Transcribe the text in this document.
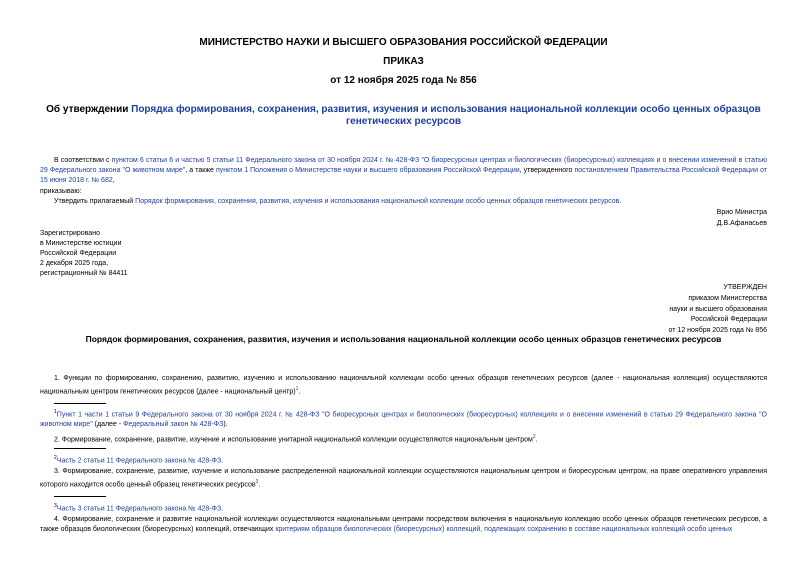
МИНИСТЕРСТВО НАУКИ И ВЫСШЕГО ОБРАЗОВАНИЯ РОССИЙСКОЙ ФЕДЕРАЦИИ
ПРИКАЗ
от 12 ноября 2025 года № 856
Об утверждении Порядка формирования, сохранения, развития, изучения и использования национальной коллекции особо ценных образцов генетических ресурсов
В соответствии с пунктом 6 статьи 6 и частью 5 статьи 11 Федерального закона от 30 ноября 2024 г. № 428-ФЗ "О биоресурсных центрах и биологических (биоресурсных) коллекциях и о внесении изменений в статью 29 Федерального закона "О животном мире", а также пунктом 1 Положения о Министерстве науки и высшего образования Российской Федерации, утвержденного постановлением Правительства Российской Федерации от 15 июня 2018 г. № 682,
приказываю:
Утвердить прилагаемый Порядок формирования, сохранения, развития, изучения и использования национальной коллекции особо ценных образцов генетических ресурсов.
Врио Министра
Д.В.Афанасьев
Зарегистрировано
в Министерстве юстиции
Российской Федерации
2 декабря 2025 года,
регистрационный № 84411
УТВЕРЖДЕН
приказом Министерства
науки и высшего образования
Российской Федерации
от 12 ноября 2025 года № 856
Порядок формирования, сохранения, развития, изучения и использования национальной коллекции особо ценных образцов генетических ресурсов
1. Функции по формированию, сохранению, развитию, изучению и использованию национальной коллекции особо ценных образцов генетических ресурсов (далее - национальная коллекция) осуществляются национальным центром генетических ресурсов (далее - национальный центр)$^1$.
$^1$Пункт 1 части 1 статьи 9 Федерального закона от 30 ноября 2024 г. № 428-ФЗ "О биоресурсных центрах и биологических (биоресурсных) коллекциях и о внесении изменений в статью 29 Федерального закона "О животном мире" (далее - Федеральный закон № 428-ФЗ).
2. Формирование, сохранение, развитие, изучение и использование унитарной национальной коллекции осуществляются национальным центром$^2$.
$^2$Часть 2 статьи 11 Федерального закона № 428-ФЗ.
3. Формирование, сохранение, развитие, изучение и использование распределенной национальной коллекции осуществляются национальным центром и биоресурсным центром, на праве оперативного управления которого находится особо ценный образец генетических ресурсов$^3$.
$^3$Часть 3 статьи 11 Федерального закона № 428-ФЗ.
4. Формирование, сохранение и развитие национальной коллекции осуществляются национальными центрами посредством включения в национальную коллекцию особо ценных образцов генетических ресурсов, а также образцов биологических (биоресурсных) коллекций, отвечающих критериям образцов биологических (биоресурсных) коллекций, подлежащих сохранению в составе национальных коллекций особо ценных
